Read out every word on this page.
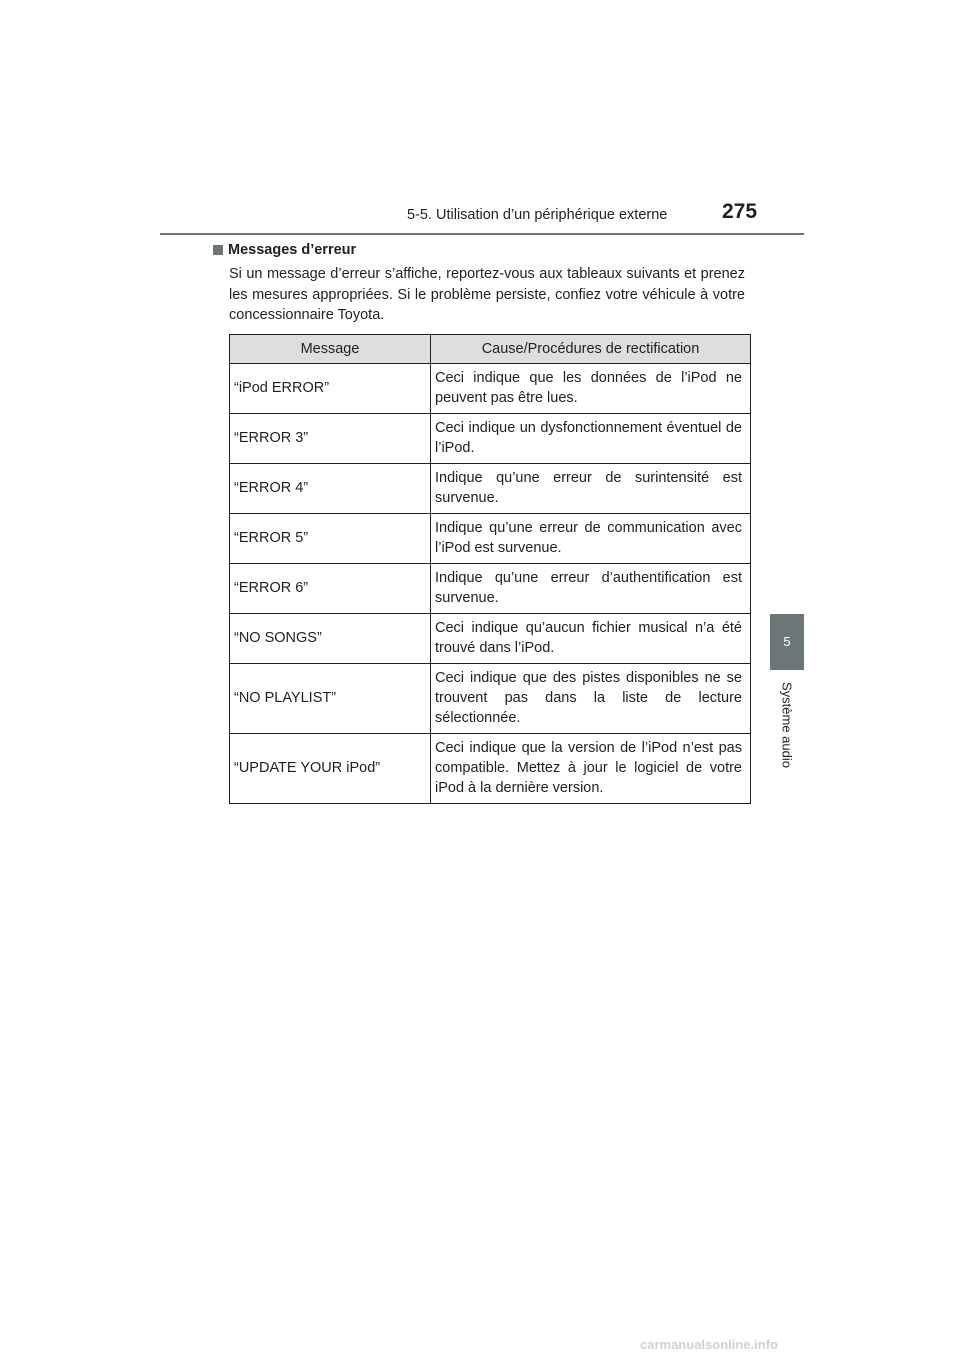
5-5. Utilisation d’un périphérique externe	275
5
Système audio
Messages d’erreur
Si un message d’erreur s’affiche, reportez-vous aux tableaux suivants et prenez les mesures appropriées. Si le problème persiste, confiez votre véhicule à votre concessionnaire Toyota.
Message	Cause/Procédures de rectification
“iPod ERROR”	Ceci indique que les données de l’iPod ne peuvent pas être lues.
“ERROR 3”	Ceci indique un dysfonctionnement éventuel de l’iPod.
“ERROR 4”	Indique qu’une erreur de surintensité est survenue.
“ERROR 5”	Indique qu’une erreur de communication avec l’iPod est survenue.
“ERROR 6”	Indique qu’une erreur d’authentification est survenue.
“NO SONGS”	Ceci indique qu’aucun fichier musical n’a été trouvé dans l’iPod.
“NO PLAYLIST”	Ceci indique que des pistes disponibles ne se trouvent pas dans la liste de lecture sélectionnée.
“UPDATE YOUR iPod”	Ceci indique que la version de l’iPod n’est pas compatible. Mettez à jour le logiciel de votre iPod à la dernière version.
carmanualsonline.info
